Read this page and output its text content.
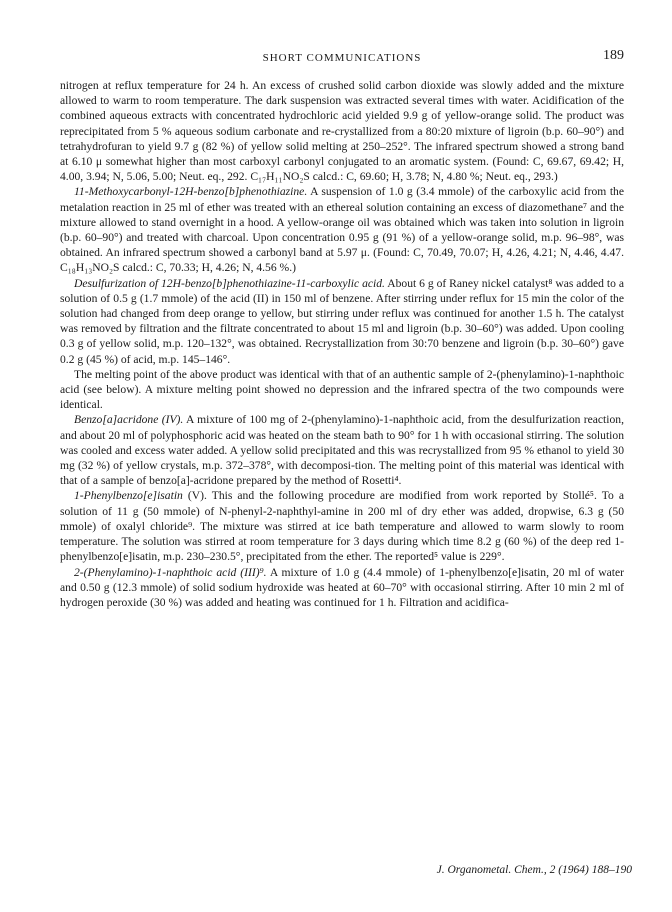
SHORT COMMUNICATIONS	189

nitrogen at reflux temperature for 24 h. An excess of crushed solid carbon dioxide was slowly added and the mixture allowed to warm to room temperature. The dark suspension was extracted several times with water. Acidification of the combined aqueous extracts with concentrated hydrochloric acid yielded 9.9 g of yellow-orange solid. The product was reprecipitated from 5 % aqueous sodium carbonate and re-crystallized from a 80:20 mixture of ligroin (b.p. 60–90°) and tetrahydrofuran to yield 9.7 g (82 %) of yellow solid melting at 250–252°. The infrared spectrum showed a strong band at 6.10 μ somewhat higher than most carboxyl carbonyl conjugated to an aromatic system. (Found: C, 69.67, 69.42; H, 4.00, 3.94; N, 5.06, 5.00; Neut. eq., 292. C₁₇H₁₁NO₂S calcd.: C, 69.60; H, 3.78; N, 4.80 %; Neut. eq., 293.)

11-Methoxycarbonyl-12H-benzo[b]phenothiazine. A suspension of 1.0 g (3.4 mmole) of the carboxylic acid from the metalation reaction in 25 ml of ether was treated with an ethereal solution containing an excess of diazomethane⁷ and the mixture allowed to stand overnight in a hood. A yellow-orange oil was obtained which was taken into solution in ligroin (b.p. 60–90°) and treated with charcoal. Upon concentration 0.95 g (91 %) of a yellow-orange solid, m.p. 96–98°, was obtained. An infrared spectrum showed a carbonyl band at 5.97 μ. (Found: C, 70.49, 70.07; H, 4.26, 4.21; N, 4.46, 4.47. C₁₈H₁₃NO₂S calcd.: C, 70.33; H, 4.26; N, 4.56 %.)

Desulfurization of 12H-benzo[b]phenothiazine-11-carboxylic acid. About 6 g of Raney nickel catalyst⁸ was added to a solution of 0.5 g (1.7 mmole) of the acid (II) in 150 ml of benzene. After stirring under reflux for 15 min the color of the solution had changed from deep orange to yellow, but stirring under reflux was continued for another 1.5 h. The catalyst was removed by filtration and the filtrate concentrated to about 15 ml and ligroin (b.p. 30–60°) was added. Upon cooling 0.3 g of yellow solid, m.p. 120–132°, was obtained. Recrystallization from 30:70 benzene and ligroin (b.p. 30–60°) gave 0.2 g (45 %) of acid, m.p. 145–146°.

The melting point of the above product was identical with that of an authentic sample of 2-(phenylamino)-1-naphthoic acid (see below). A mixture melting point showed no depression and the infrared spectra of the two compounds were identical.

Benzo[a]acridone (IV). A mixture of 100 mg of 2-(phenylamino)-1-naphthoic acid, from the desulfurization reaction, and about 20 ml of polyphosphoric acid was heated on the steam bath to 90° for 1 h with occasional stirring. The solution was cooled and excess water added. A yellow solid precipitated and this was recrystallized from 95 % ethanol to yield 30 mg (32 %) of yellow crystals, m.p. 372–378°, with decomposi-tion. The melting point of this material was identical with that of a sample of benzo[a]-acridone prepared by the method of Rosetti⁴.

1-Phenylbenzo[e]isatin (V). This and the following procedure are modified from work reported by Stollé⁵. To a solution of 11 g (50 mmole) of N-phenyl-2-naphthyl-amine in 200 ml of dry ether was added, dropwise, 6.3 g (50 mmole) of oxalyl chloride⁹. The mixture was stirred at ice bath temperature and allowed to warm slowly to room temperature. The solution was stirred at room temperature for 3 days during which time 8.2 g (60 %) of the deep red 1-phenylbenzo[e]isatin, m.p. 230–230.5°, precipitated from the ether. The reported⁵ value is 229°.

2-(Phenylamino)-1-naphthoic acid (III)⁹. A mixture of 1.0 g (4.4 mmole) of 1-phenylbenzo[e]isatin, 20 ml of water and 0.50 g (12.3 mmole) of solid sodium hydroxide was heated at 60–70° with occasional stirring. After 10 min 2 ml of hydrogen peroxide (30 %) was added and heating was continued for 1 h. Filtration and acidifica-

J. Organometal. Chem., 2 (1964) 188–190
